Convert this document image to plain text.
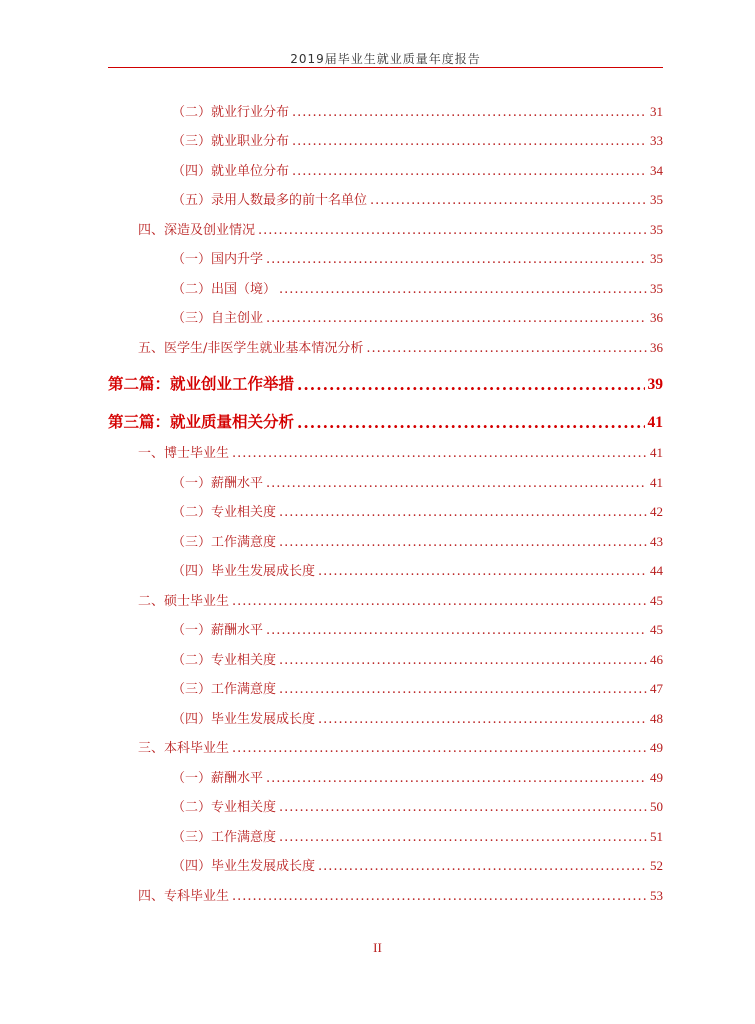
2019届毕业生就业质量年度报告
（二）就业行业分布 .....	31
（三）就业职业分布 .....	33
（四）就业单位分布 .....	34
（五）录用人数最多的前十名单位 .....	35
四、深造及创业情况 .....	35
（一）国内升学 .....	35
（二）出国（境） .....	35
（三）自主创业 .....	36
五、医学生/非医学生就业基本情况分析 .....	36
第二篇：就业创业工作举措 .....	39
第三篇：就业质量相关分析 .....	41
一、博士毕业生 .....	41
（一）薪酬水平 .....	41
（二）专业相关度 .....	42
（三）工作满意度 .....	43
（四）毕业生发展成长度 .....	44
二、硕士毕业生 .....	45
（一）薪酬水平 .....	45
（二）专业相关度 .....	46
（三）工作满意度 .....	47
（四）毕业生发展成长度 .....	48
三、本科毕业生 .....	49
（一）薪酬水平 .....	49
（二）专业相关度 .....	50
（三）工作满意度 .....	51
（四）毕业生发展成长度 .....	52
四、专科毕业生 .....	53
II
